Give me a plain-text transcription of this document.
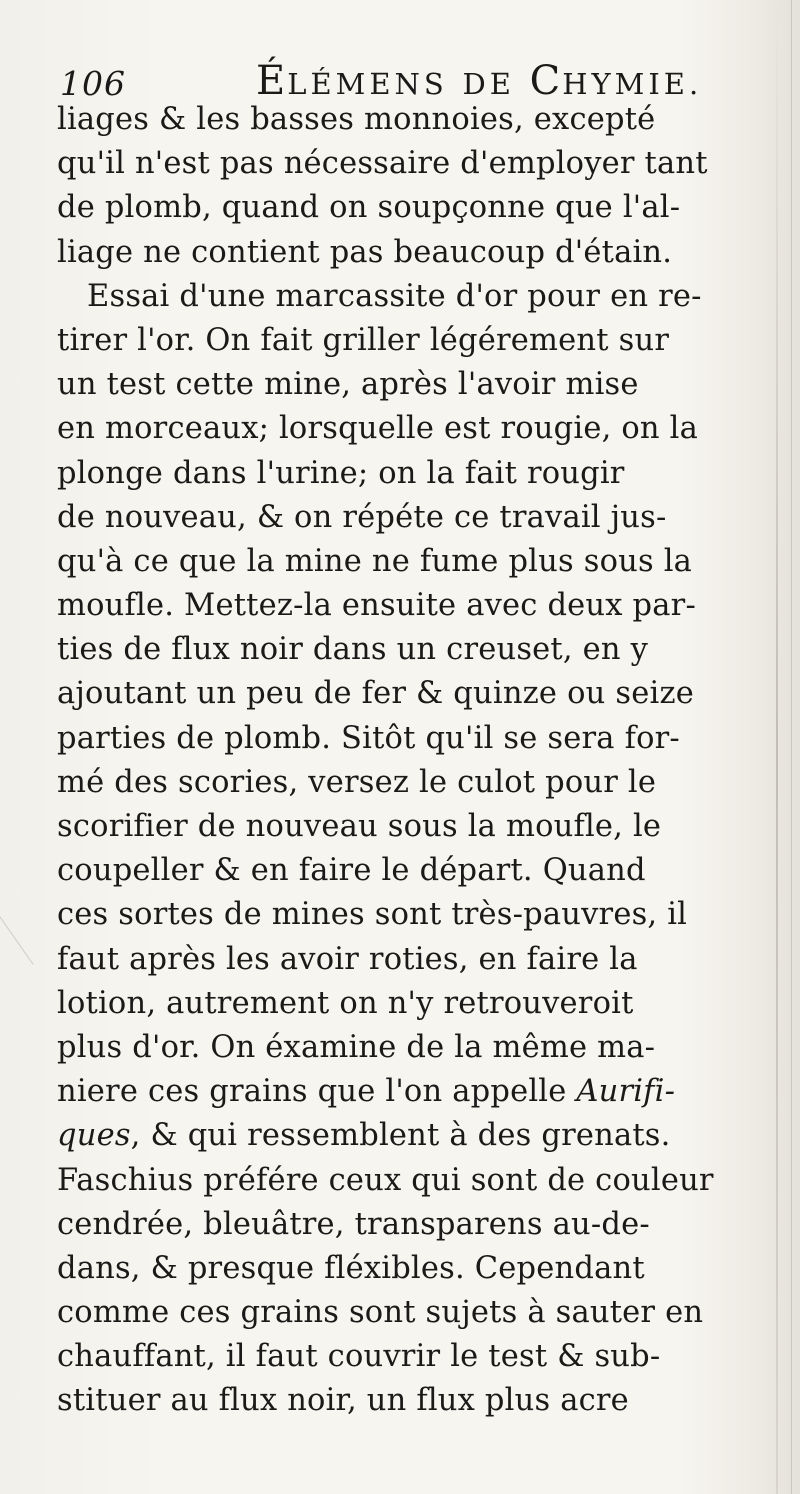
106	ÉLÉMENS DE CHYMIE.
liages & les basses monnoies, excepté
qu'il n'est pas nécessaire d'employer tant
de plomb, quand on soupçonne que l'al-
liage ne contient pas beaucoup d'étain.
Essai d'une marcassite d'or pour en re-
tirer l'or. On fait griller légérement sur
un test cette mine, après l'avoir mise
en morceaux; lorsquelle est rougie, on la
plonge dans l'urine; on la fait rougir
de nouveau, & on répéte ce travail jus-
qu'à ce que la mine ne fume plus sous la
moufle. Mettez-la ensuite avec deux par-
ties de flux noir dans un creuset, en y
ajoutant un peu de fer & quinze ou seize
parties de plomb. Sitôt qu'il se sera for-
mé des scories, versez le culot pour le
scorifier de nouveau sous la moufle, le
coupeller & en faire le départ. Quand
ces sortes de mines sont très-pauvres, il
faut après les avoir roties, en faire la
lotion, autrement on n'y retrouveroit
plus d'or. On éxamine de la même ma-
niere ces grains que l'on appelle Aurifi-
ques, & qui ressemblent à des grenats.
Faschius préfére ceux qui sont de couleur
cendrée, bleuâtre, transparens au-de-
dans, & presque fléxibles. Cependant
comme ces grains sont sujets à sauter en
chauffant, il faut couvrir le test & sub-
stituer au flux noir, un flux plus acre
